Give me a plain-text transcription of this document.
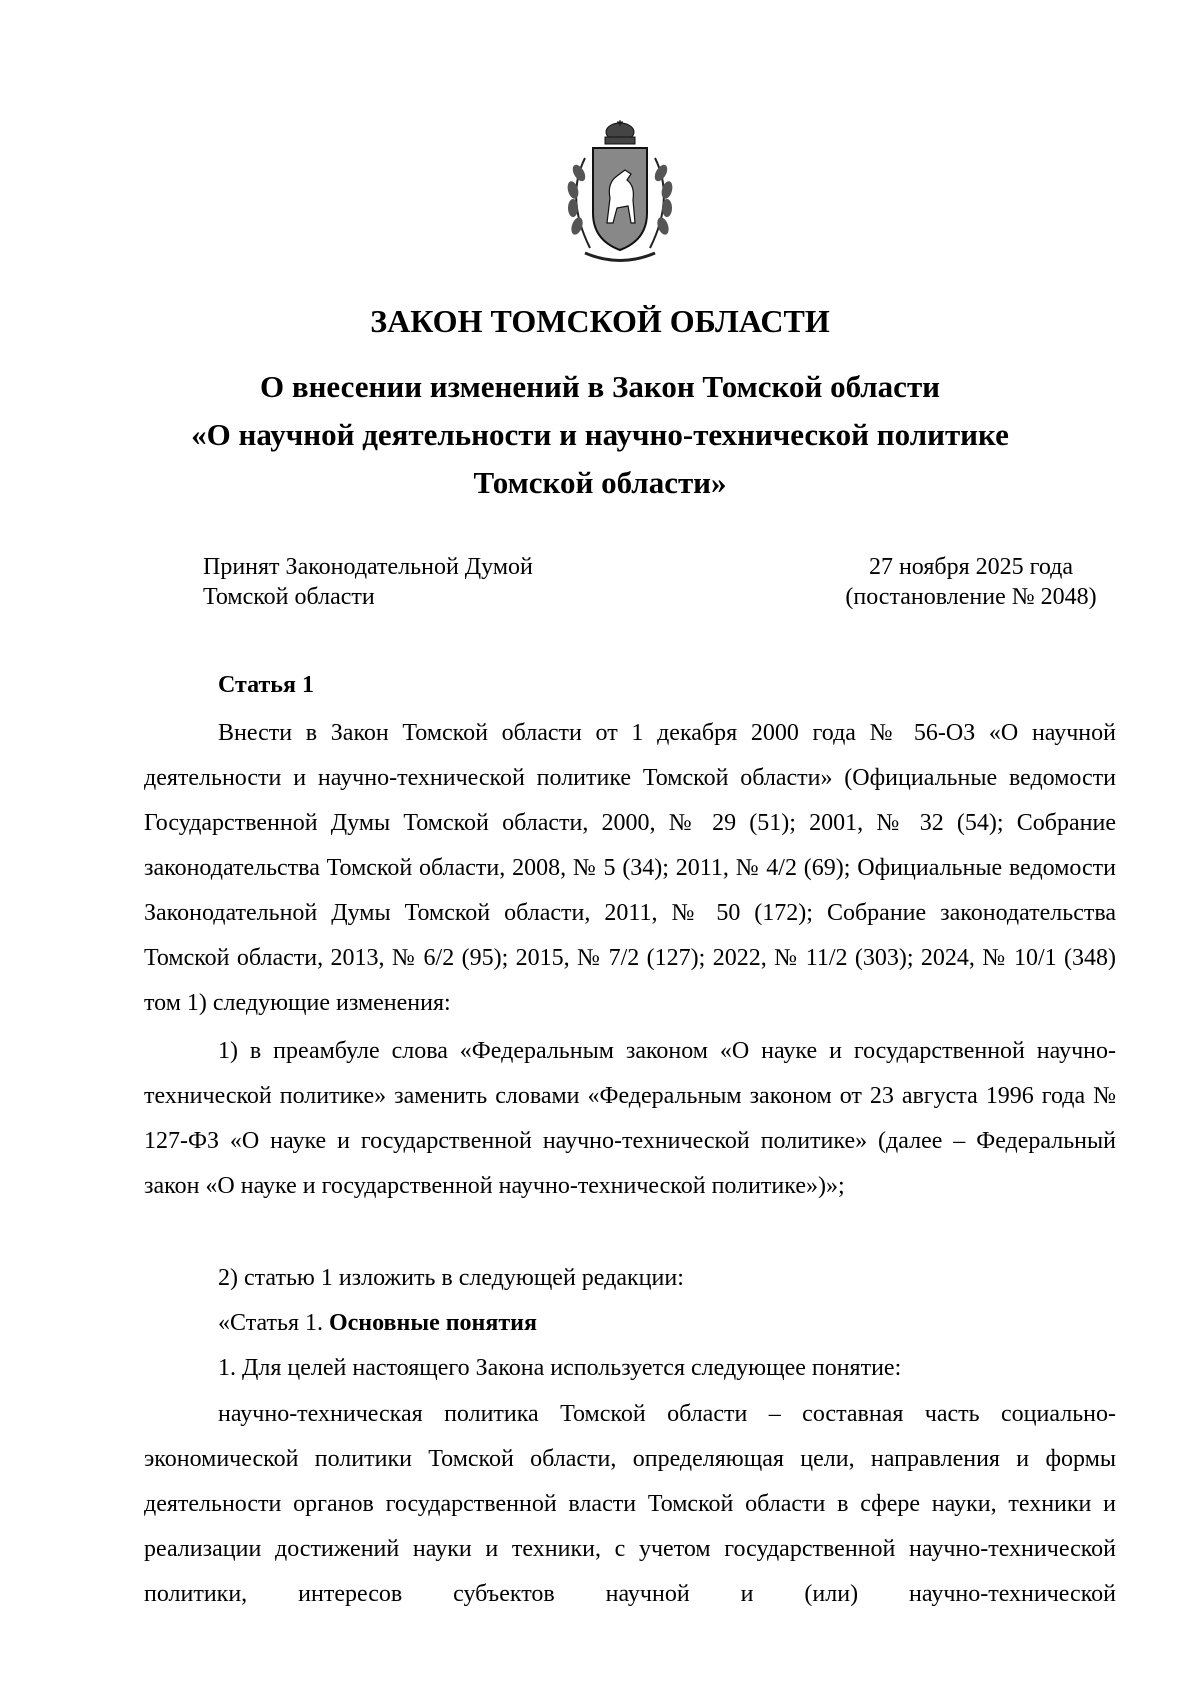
ЗАКОН ТОМСКОЙ ОБЛАСТИ
О внесении изменений в Закон Томской области
«О научной деятельности и научно-технической политике
Томской области»
Принят Законодательной Думой
Томской области
27 ноября 2025 года
(постановление № 2048)
Статья 1
Внести в Закон Томской области от 1 декабря 2000 года № 56-ОЗ «О научной деятельности и научно-технической политике Томской области» (Официальные ведомости Государственной Думы Томской области, 2000, № 29 (51); 2001, № 32 (54); Собрание законодательства Томской области, 2008, № 5 (34); 2011, № 4/2 (69); Официальные ведомости Законодательной Думы Томской области, 2011, № 50 (172); Собрание законодательства Томской области, 2013, № 6/2 (95); 2015, № 7/2 (127); 2022, № 11/2 (303); 2024, № 10/1 (348) том 1) следующие изменения:
1) в преамбуле слова «Федеральным законом «О науке и государственной научно-технической политике» заменить словами «Федеральным законом от 23 августа 1996 года № 127-ФЗ «О науке и государственной научно-технической политике» (далее – Федеральный закон «О науке и государственной научно-технической политике»)»;
2) статью 1 изложить в следующей редакции:
«Статья 1. Основные понятия
1. Для целей настоящего Закона используется следующее понятие:
научно-техническая политика Томской области – составная часть социально-экономической политики Томской области, определяющая цели, направления и формы деятельности органов государственной власти Томской области в сфере науки, техники и реализации достижений науки и техники, с учетом государственной научно-технической политики, интересов субъектов научной и (или) научно-технической
